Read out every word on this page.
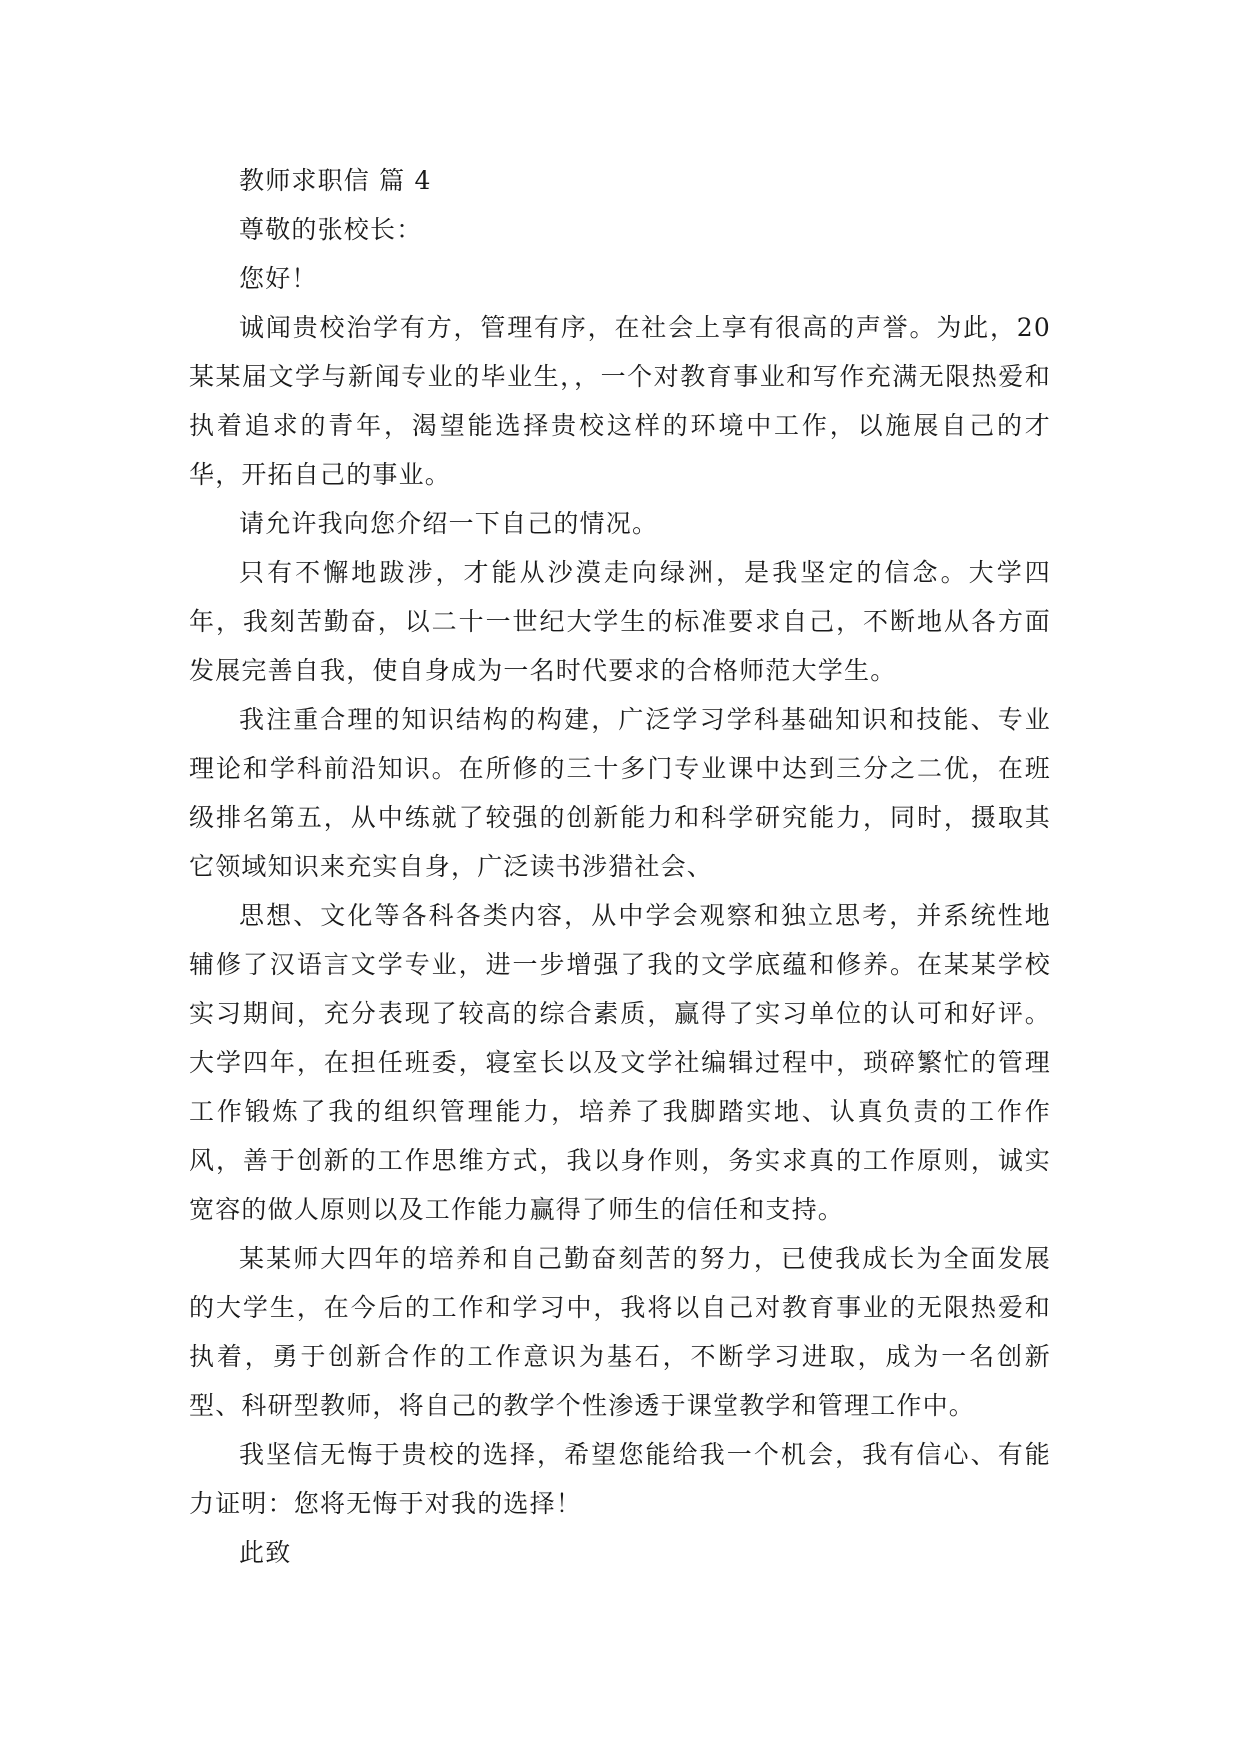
教师求职信 篇 4

尊敬的张校长：

您好！

诚闻贵校治学有方，管理有序，在社会上享有很高的声誉。为此，20 某某届文学与新闻专业的毕业生，，一个对教育事业和写作充满无限热爱和执着追求的青年，渴望能选择贵校这样的环境中工作，以施展自己的才华，开拓自己的事业。

请允许我向您介绍一下自己的情况。

只有不懈地跋涉，才能从沙漠走向绿洲，是我坚定的信念。大学四年，我刻苦勤奋，以二十一世纪大学生的标准要求自己，不断地从各方面发展完善自我，使自身成为一名时代要求的合格师范大学生。

我注重合理的知识结构的构建，广泛学习学科基础知识和技能、专业理论和学科前沿知识。在所修的三十多门专业课中达到三分之二优，在班级排名第五，从中练就了较强的创新能力和科学研究能力，同时，摄取其它领域知识来充实自身，广泛读书涉猎社会、

思想、文化等各科各类内容，从中学会观察和独立思考，并系统性地辅修了汉语言文学专业，进一步增强了我的文学底蕴和修养。在某某学校实习期间，充分表现了较高的综合素质，赢得了实习单位的认可和好评。 大学四年，在担任班委，寝室长以及文学社编辑过程中，琐碎繁忙的管理工作锻炼了我的组织管理能力，培养了我脚踏实地、认真负责的工作作风，善于创新的工作思维方式，我以身作则，务实求真的工作原则，诚实宽容的做人原则以及工作能力赢得了师生的信任和支持。

某某师大四年的培养和自己勤奋刻苦的努力，已使我成长为全面发展的大学生，在今后的工作和学习中，我将以自己对教育事业的无限热爱和执着，勇于创新合作的工作意识为基石，不断学习进取，成为一名创新型、科研型教师，将自己的教学个性渗透于课堂教学和管理工作中。

我坚信无悔于贵校的选择，希望您能给我一个机会，我有信心、有能力证明：您将无悔于对我的选择！

此致
